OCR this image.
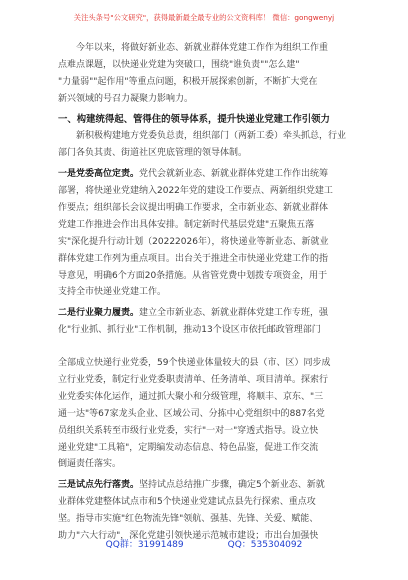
关注头条号"公文研究"，获得最新最全最专业的公文资料库！ 微信：gongwenyj
今年以来，将做好新业态、新就业群体党建工作作为组织工作重
点难点课题，以快递业党建为突破口，围绕"谁负责""怎么建"
"力量弱""起作用"等重点问题，积极开展探索创新，不断扩大党在
新兴领域的号召力凝聚力影响力。
一、构建统得起、管得住的领导体系，提升快递业党建工作引领力
新积极构建地方党委负总责，组织部门（两新工委）牵头抓总，行业
部门各负其责、街道社区兜底管理的领导体制。
一是党委高位定责。党代会就新业态、新就业群体党建工作作出统筹
部署，将快递业党建纳入2022年党的建设工作要点、两新组织党建工
作要点；组织部长会议提出明确工作要求，全市新业态、新就业群体
党建工作推进会作出具体安排。制定新时代基层党建"五聚焦五落
实"深化提升行动计划（20222026年），将快递业等新业态、新就业
群体党建工作列为重点项目。出台关于推进全市快递业党建工作的指
导意见，明确6个方面20条措施。从省管党费中划拨专项资金，用于
支持全市快递业党建工作。
二是行业聚力履责。建立全市新业态、新就业群体党建工作专班，强
化"行业抓、抓行业"工作机制，推动13个设区市依托邮政管理部门
全部成立快递行业党委，59个快递业体量较大的县（市、区）同步成
立行业党委，制定行业党委职责清单、任务清单、项目清单。探索行
业党委实体化运作，通过抓大聚小和分级管理，将顺丰、京东、"三
通一达"等67家龙头企业、区域公司、分拣中心党组织中的887名党
员组织关系转至市级行业党委，实行"一对一"穿透式指导。设立快
递业党建"工具箱"，定期编发动态信息、特色品鉴，促进工作交流
倒逼责任落实。
三是试点先行落责。坚持试点总结推广步骤，确定5个新业态、新就
业群体党建整体试点市和5个快递业党建试点县先行探索、重点攻
坚。指导市实施"红色物流先锋"领航、强基、先锋、关爱、赋能、
助力"六大行动"，深化党建引领快递示范城市建设；市出台加强快
QQ群：31991489	QQ：535304092
